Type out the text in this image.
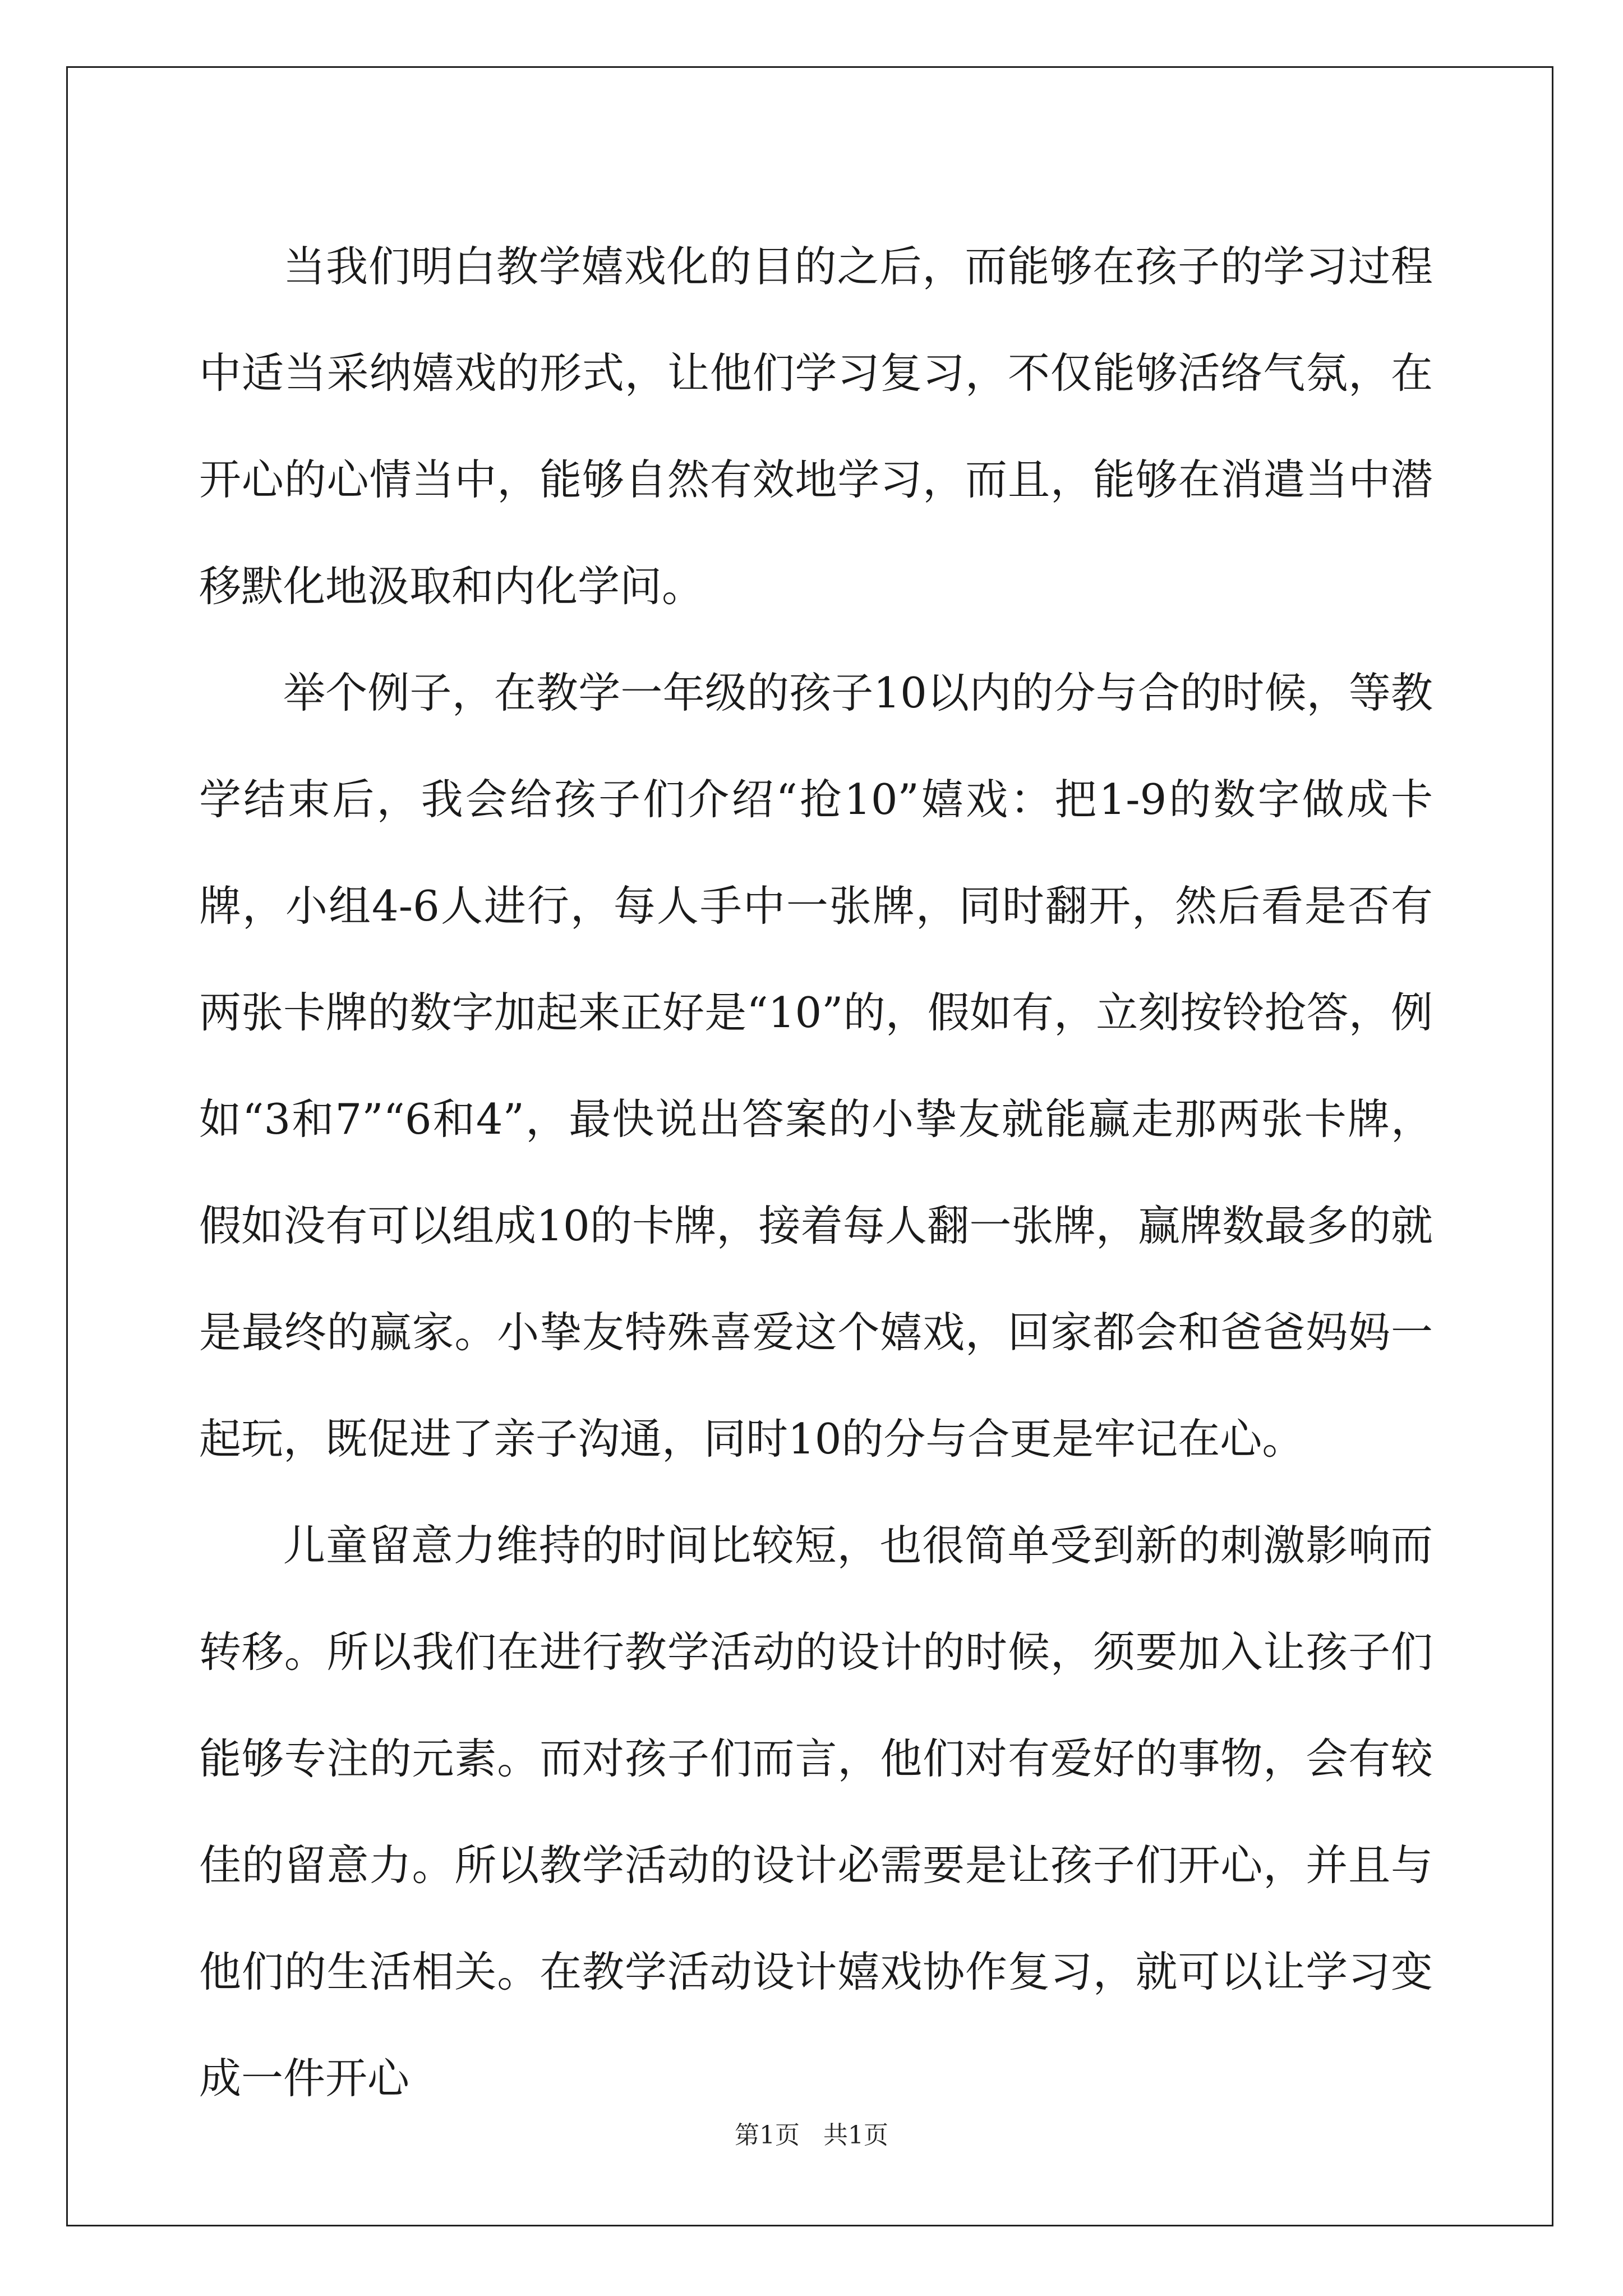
当我们明白教学嬉戏化的目的之后，而能够在孩子的学习过程中适当采纳嬉戏的形式，让他们学习复习，不仅能够活络气氛，在开心的心情当中，能够自然有效地学习，而且，能够在消遣当中潜移默化地汲取和内化学问。

举个例子，在教学一年级的孩子10以内的分与合的时候，等教学结束后，我会给孩子们介绍“抢10”嬉戏：把1-9的数字做成卡牌，小组4-6人进行，每人手中一张牌，同时翻开，然后看是否有两张卡牌的数字加起来正好是“10”的，假如有，立刻按铃抢答，例如“3和7”“6和4”，最快说出答案的小挚友就能赢走那两张卡牌，假如没有可以组成10的卡牌，接着每人翻一张牌，赢牌数最多的就是最终的赢家。小挚友特殊喜爱这个嬉戏，回家都会和爸爸妈妈一起玩，既促进了亲子沟通，同时10的分与合更是牢记在心。

儿童留意力维持的时间比较短，也很简单受到新的刺激影响而转移。所以我们在进行教学活动的设计的时候，须要加入让孩子们能够专注的元素。而对孩子们而言，他们对有爱好的事物，会有较佳的留意力。所以教学活动的设计必需要是让孩子们开心，并且与他们的生活相关。在教学活动设计嬉戏协作复习，就可以让学习变成一件开心

第1页   共1页
